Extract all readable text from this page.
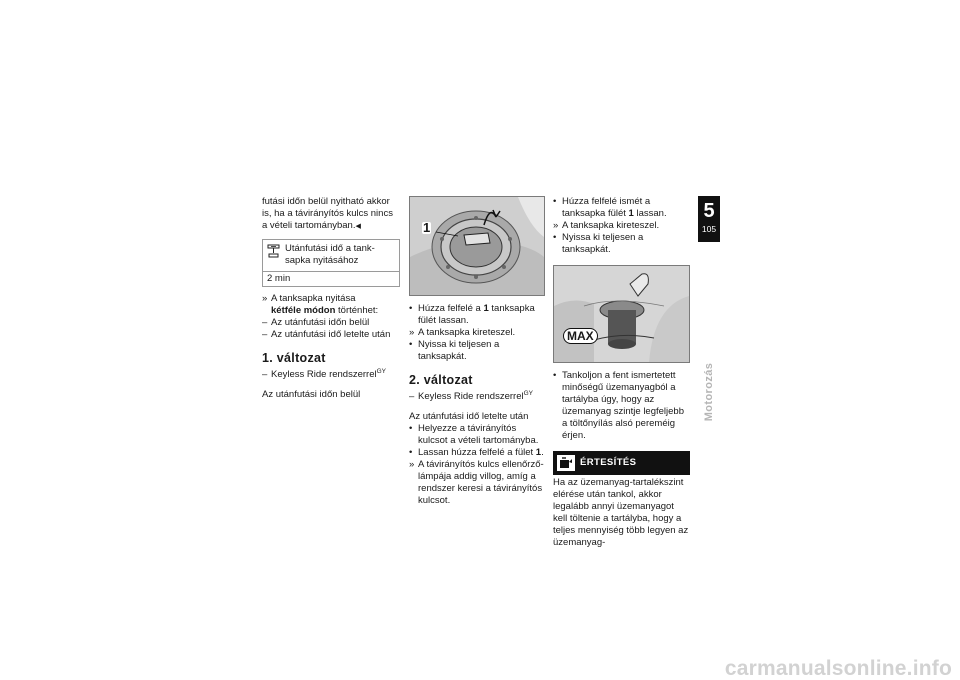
futási időn belül nyitható akkor is, ha a távirányítós kulcs nincs a vételi tartományban.◀

Utánfutási idő a tanksapka nyitásához
2 min

» A tanksapka nyitása
kétféle módon történhet:

– Az utánfutási időn belül

– Az utánfutási idő letelte után

1. változat

– Keyless Ride rendszerrel$^{GY}$

Az utánfutási időn belül

1

• Húzza felfelé a 1 tanksapka fülét lassan.

» A tanksapka kireteszel.

• Nyissa ki teljesen a tanksapkát.

2. változat

– Keyless Ride rendszerrel$^{GY}$

Az utánfutási idő letelte után

• Helyezze a távirányítós kulcsot a vételi tartományba.

• Lassan húzza felfelé a fület 1.

» A távirányítós kulcs ellenőrzőlámpája addig villog, amíg a rendszer keresi a távirányítós kulcsot.

• Húzza felfelé ismét a tanksapka fülét 1 lassan.

» A tanksapka kireteszel.

• Nyissa ki teljesen a tanksapkát.

MAX

• Tankoljon a fent ismertetett minőségű üzemanyagból a tartályba úgy, hogy az üzemanyag szintje legfeljebb a töltőnyílás alsó pereméig érjen.

ÉRTESÍTÉS

Ha az üzemanyag-tartalékszint elérése után tankol, akkor legalább annyi üzemanyagot kell töltenie a tartályba, hogy a teljes mennyiség több legyen az üzemanyag-

5
105
Motorozás
carmanualsonline.info
